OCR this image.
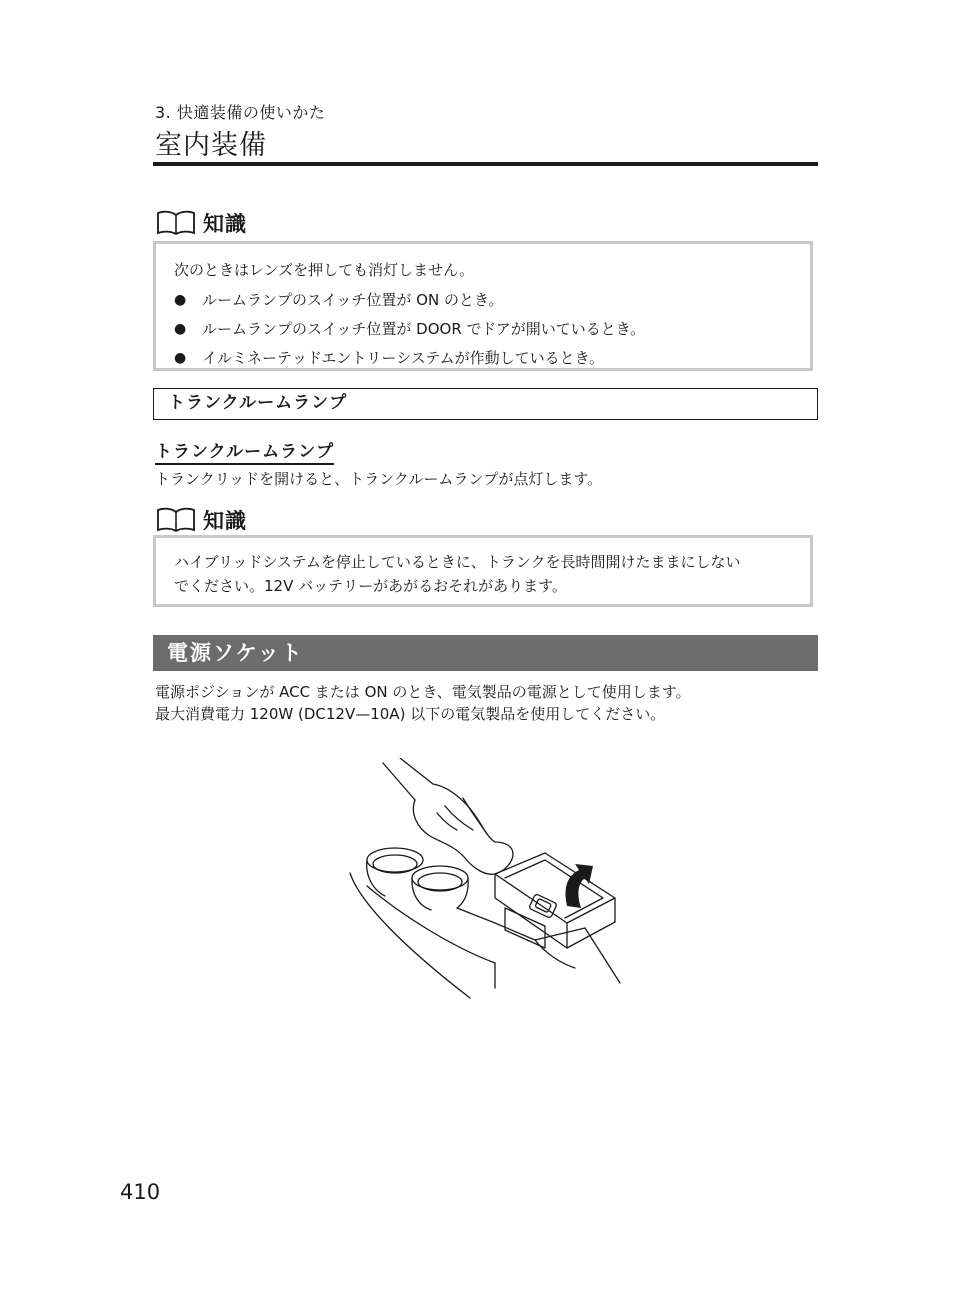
3. 快適装備の使いかた
室内装備
知識

次のときはレンズを押しても消灯しません。

●	ルームランプのスイッチ位置が ON のとき。
●	ルームランプのスイッチ位置が DOOR でドアが開いているとき。
●	イルミネーテッドエントリーシステムが作動しているとき。
トランクルームランプ
トランクルームランプ
トランクリッドを開けると、トランクルームランプが点灯します。
知識

ハイブリッドシステムを停止しているときに、トランクを長時間開けたままにしない

でください。12V バッテリーがあがるおそれがあります。

電源ソケット
電源ポジションが ACC または ON のとき、電気製品の電源として使用します。
最大消費電力 120W (DC12V—10A) 以下の電気製品を使用してください。
410
